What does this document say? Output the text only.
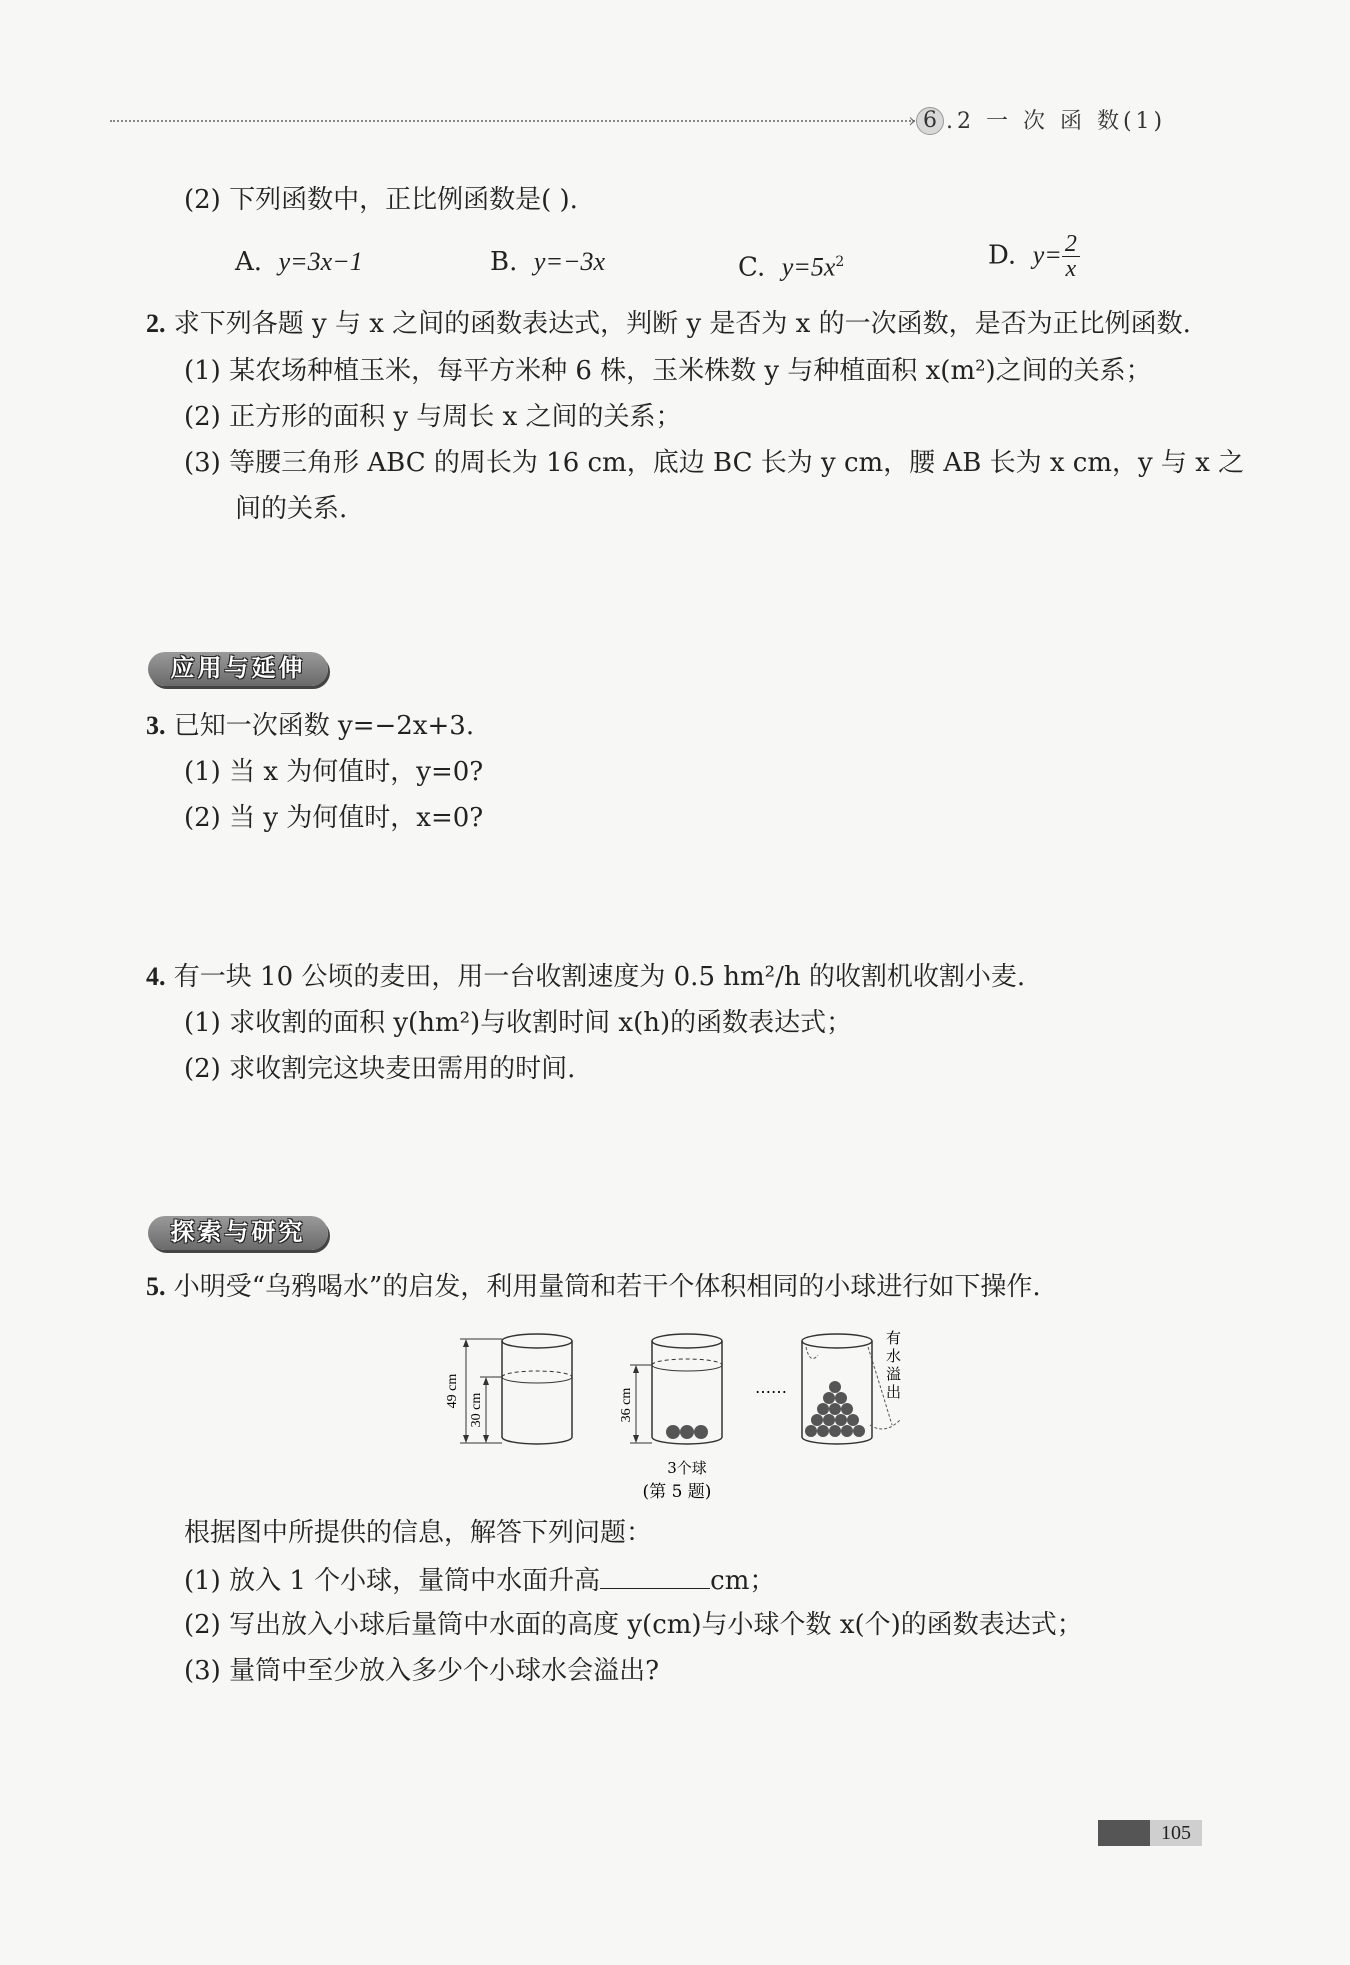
› 6 .2 一 次 函 数(1)
(2) 下列函数中，正比例函数是( ).
A. y=3x−1	B. y=−3x	C. $y=5x^2$	D. $y= \frac{2}{x}$
2. 求下列各题 y 与 x 之间的函数表达式，判断 y 是否为 x 的一次函数，是否为正比例函数.
(1) 某农场种植玉米，每平方米种 6 株，玉米株数 y 与种植面积 x(m²)之间的关系；
(2) 正方形的面积 y 与周长 x 之间的关系；
(3) 等腰三角形 ABC 的周长为 16 cm，底边 BC 长为 y cm，腰 AB 长为 x cm，y 与 x 之
间的关系.
应用与延伸
3. 已知一次函数 y=−2x+3.
(1) 当 x 为何值时，y=0?
(2) 当 y 为何值时，x=0?
4. 有一块 10 公顷的麦田，用一台收割速度为 0.5 hm²/h 的收割机收割小麦.
(1) 求收割的面积 y(hm²)与收割时间 x(h)的函数表达式；
(2) 求收割完这块麦田需用的时间.
探索与研究
5. 小明受“乌鸦喝水”的启发，利用量筒和若干个体积相同的小球进行如下操作.
49 cm
30 cm	36 cm
3个球
……
有
水
溢
出
(第 5 题)
根据图中所提供的信息，解答下列问题：
(1) 放入 1 个小球，量筒中水面升高	cm；
(2) 写出放入小球后量筒中水面的高度 y(cm)与小球个数 x(个)的函数表达式；
(3) 量筒中至少放入多少个小球水会溢出?
105
